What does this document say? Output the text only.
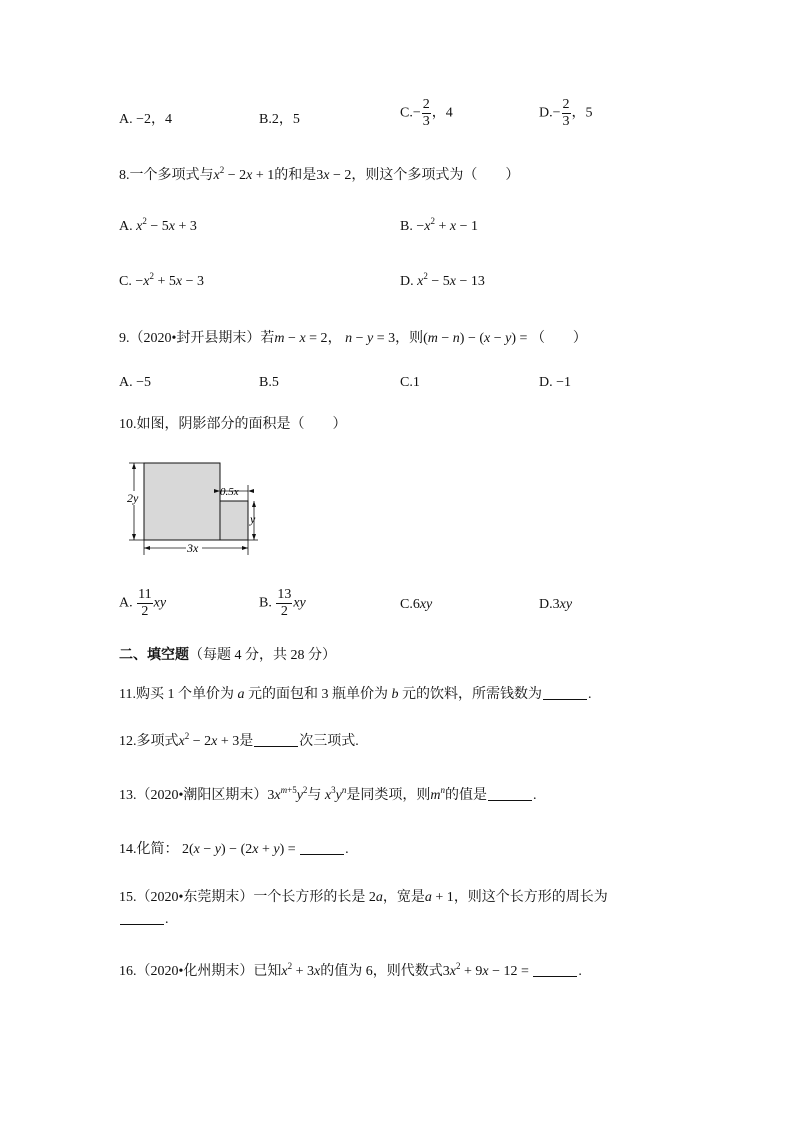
A. −2，4	B.2，5	$C.- \frac{2}{3}$ ，4	$D.- \frac{2}{3}$ ，5
8.一个多项式与$x^2 - 2x + 1$的和是3x − 2，则这个多项式为（　　）
A. $x^2 - 5x + 3$	B. $-x^2 + x - 1$
C. $-x^2 + 5x - 3$	D. $x^2 - 5x - 13$
9.（2020•封开县期末）若m − x = 2， n − y = 3，则(m − n) − (x − y) = （　　）
A. −5	B.5	C.1	D. −1
10.如图，阴影部分的面积是（　　）
2y	0.5x
y
3x
A. $\frac{11}{2}$ xy	B. $\frac{13}{2}$ xy	C.6xy	D.3xy
二、填空题（每题 4 分，共 28 分）
11.购买 1 个单价为 a 元的面包和 3 瓶单价为 b 元的饮料，所需钱数为	.
12.多项式$x^2 - 2x + 3$是	次三项式.
13.（2020•潮阳区期末）$3x^{m+5}y^2$与 $x^3y^n$是同类项，则$m^n$的值是	.
14.化简： 2(x − y) − (2x + y) =	.
15.（2020•东莞期末）一个长方形的长是 2a，宽是a + 1，则这个长方形的周长为
.
16.（2020•化州期末）已知$x^2 + 3x$的值为 6，则代数式$3x^2 + 9x - 12$ =	.
